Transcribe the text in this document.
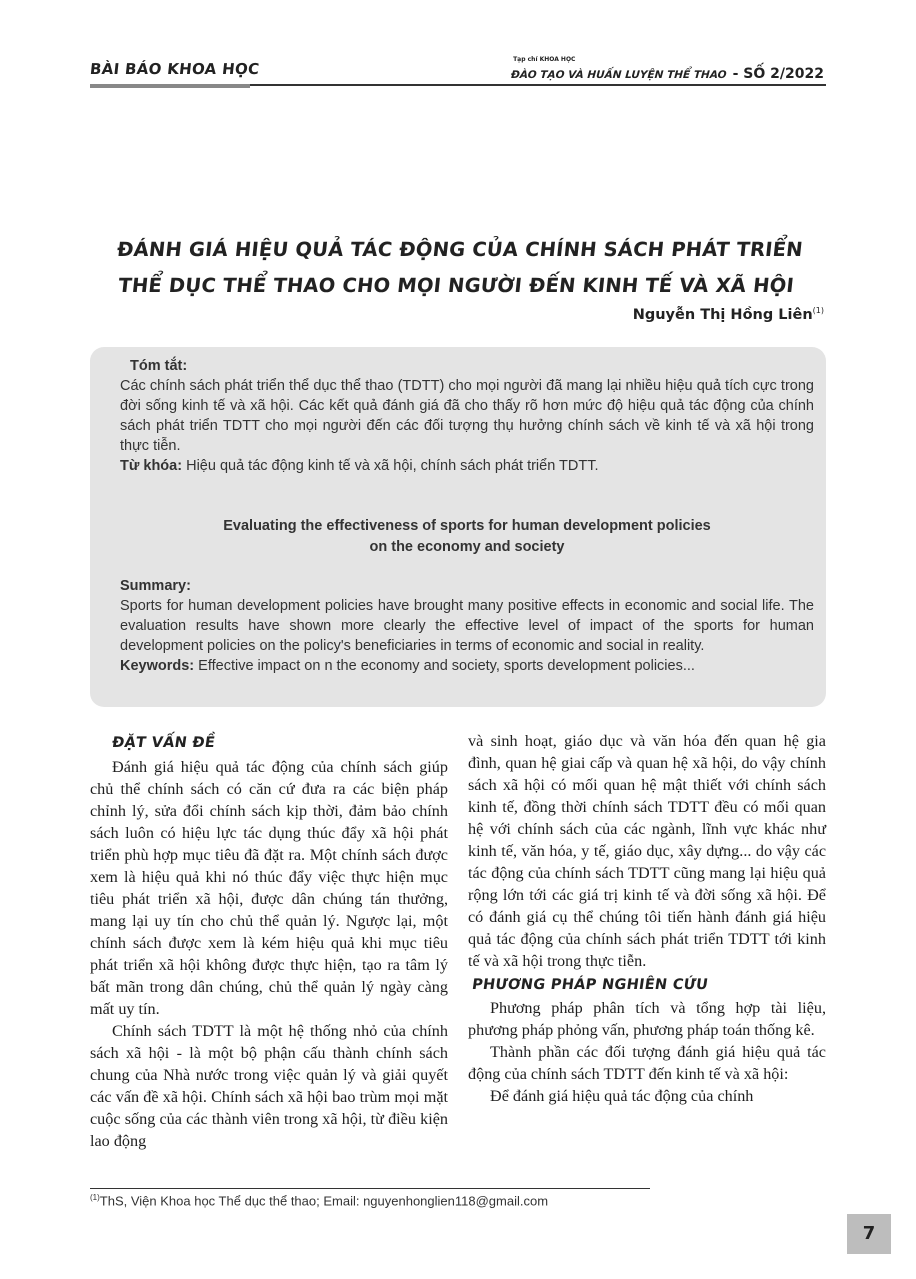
BÀI BÁO KHOA HỌC
Tạp chí KHOA HỌC
ĐÀO TẠO VÀ HUẤN LUYỆN THỂ THAO - SỐ 2/2022
ĐÁNH GIÁ HIỆU QUẢ TÁC ĐỘNG CỦA CHÍNH SÁCH PHÁT TRIỂN
THỂ DỤC THỂ THAO CHO MỌI NGƯỜI ĐẾN KINH TẾ VÀ XÃ HỘI
Nguyễn Thị Hồng Liên$^{(1)}$
Tóm tắt:
Các chính sách phát triển thể dục thể thao (TDTT) cho mọi người đã mang lại nhiều hiệu quả tích cực trong đời sống kinh tế và xã hội. Các kết quả đánh giá đã cho thấy rõ hơn mức độ hiệu quả tác động của chính sách phát triển TDTT cho mọi người đến các đối tượng thụ hưởng chính sách về kinh tế và xã hội trong thực tiễn.
Từ khóa: Hiệu quả tác động kinh tế và xã hội, chính sách phát triển TDTT.
Evaluating the effectiveness of sports for human development policies
on the economy and society
Summary:
Sports for human development policies have brought many positive effects in economic and social life. The evaluation results have shown more clearly the effective level of impact of the sports for human development policies on the policy's beneficiaries in terms of economic and social in reality.
Keywords: Effective impact on n the economy and society, sports development policies...
ĐẶT VẤN ĐỀ

Đánh giá hiệu quả tác động của chính sách giúp chủ thể chính sách có căn cứ đưa ra các biện pháp chỉnh lý, sửa đổi chính sách kịp thời, đảm bảo chính sách luôn có hiệu lực tác dụng thúc đẩy xã hội phát triển phù hợp mục tiêu đã đặt ra. Một chính sách được xem là hiệu quả khi nó thúc đẩy việc thực hiện mục tiêu phát triển xã hội, được dân chúng tán thưởng, mang lại uy tín cho chủ thể quản lý. Ngược lại, một chính sách được xem là kém hiệu quả khi mục tiêu phát triển xã hội không được thực hiện, tạo ra tâm lý bất mãn trong dân chúng, chủ thể quản lý ngày càng mất uy tín.

Chính sách TDTT là một hệ thống nhỏ của chính sách xã hội - là một bộ phận cấu thành chính sách chung của Nhà nước trong việc quản lý và giải quyết các vấn đề xã hội. Chính sách xã hội bao trùm mọi mặt cuộc sống của các thành viên trong xã hội, từ điều kiện lao động

và sinh hoạt, giáo dục và văn hóa đến quan hệ gia đình, quan hệ giai cấp và quan hệ xã hội, do vậy chính sách xã hội có mối quan hệ mật thiết với chính sách kinh tế, đồng thời chính sách TDTT đều có mối quan hệ với chính sách của các ngành, lĩnh vực khác như kinh tế, văn hóa, y tế, giáo dục, xây dựng... do vậy các tác động của chính sách TDTT cũng mang lại hiệu quả rộng lớn tới các giá trị kinh tế và đời sống xã hội. Để có đánh giá cụ thể chúng tôi tiến hành đánh giá hiệu quả tác động của chính sách phát triển TDTT tới kinh tế và xã hội trong thực tiễn.

PHƯƠNG PHÁP NGHIÊN CỨU

Phương pháp phân tích và tổng hợp tài liệu, phương pháp phỏng vấn, phương pháp toán thống kê.

Thành phần các đối tượng đánh giá hiệu quả tác động của chính sách TDTT đến kinh tế và xã hội:

Để đánh giá hiệu quả tác động của chính

$^{(1)}$ThS, Viện Khoa học Thể dục thể thao; Email: nguyenhonglien118@gmail.com
7
